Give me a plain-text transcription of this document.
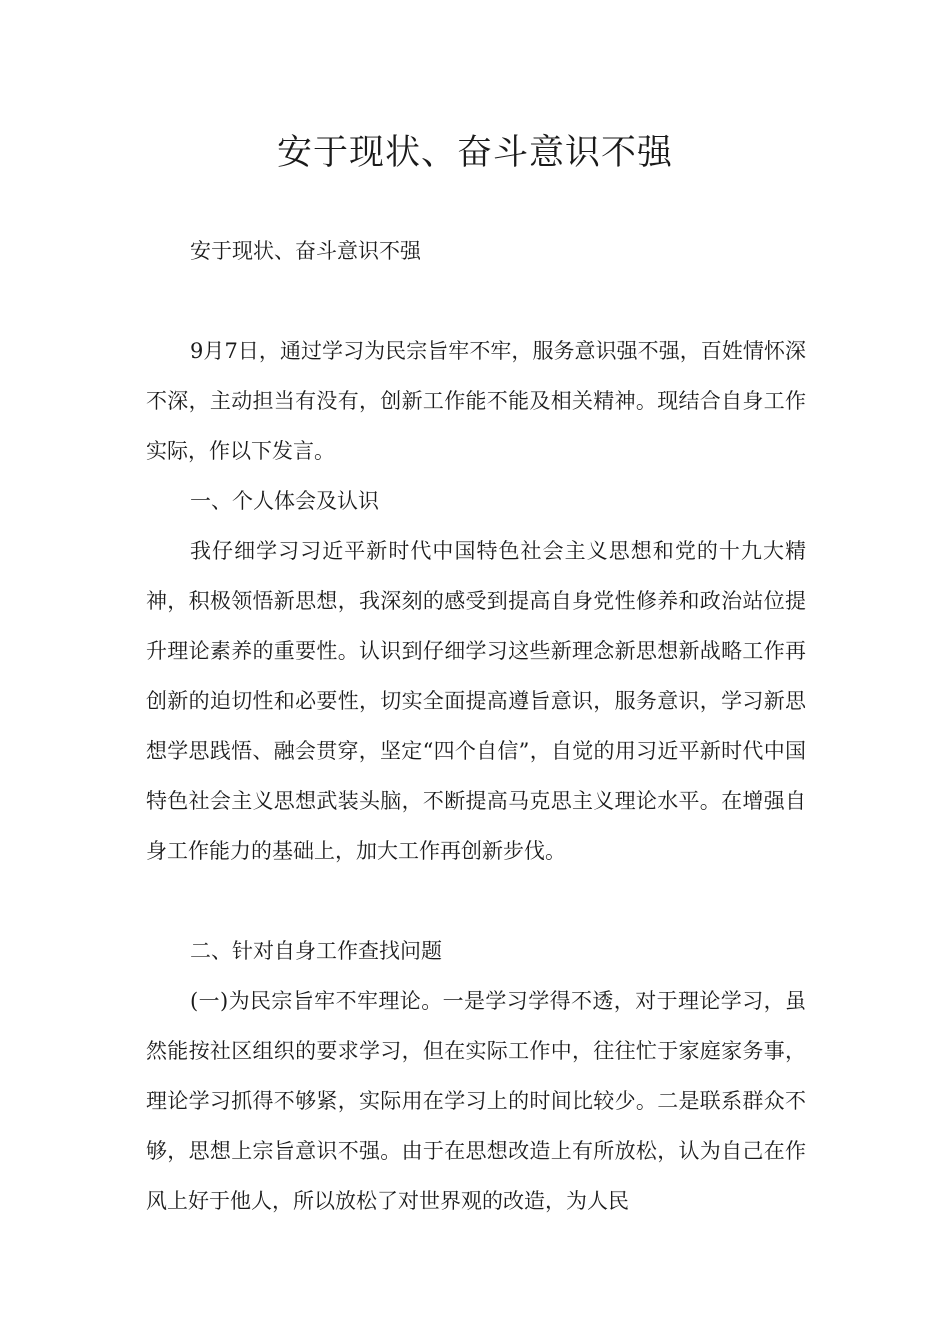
安于现状、奋斗意识不强

安于现状、奋斗意识不强

9月7日，通过学习为民宗旨牢不牢，服务意识强不强，百姓情怀深不深，主动担当有没有，创新工作能不能及相关精神。现结合自身工作实际，作以下发言。

一、个人体会及认识

我仔细学习习近平新时代中国特色社会主义思想和党的十九大精神，积极领悟新思想，我深刻的感受到提高自身党性修养和政治站位提升理论素养的重要性。认识到仔细学习这些新理念新思想新战略工作再创新的迫切性和必要性，切实全面提高遵旨意识，服务意识，学习新思想学思践悟、融会贯穿，坚定“四个自信”，自觉的用习近平新时代中国特色社会主义思想武装头脑，不断提高马克思主义理论水平。在增强自身工作能力的基础上，加大工作再创新步伐。

二、针对自身工作查找问题

(一)为民宗旨牢不牢理论。一是学习学得不透，对于理论学习，虽然能按社区组织的要求学习，但在实际工作中，往往忙于家庭家务事，理论学习抓得不够紧，实际用在学习上的时间比较少。二是联系群众不够，思想上宗旨意识不强。由于在思想改造上有所放松，认为自己在作风上好于他人，所以放松了对世界观的改造，为人民
